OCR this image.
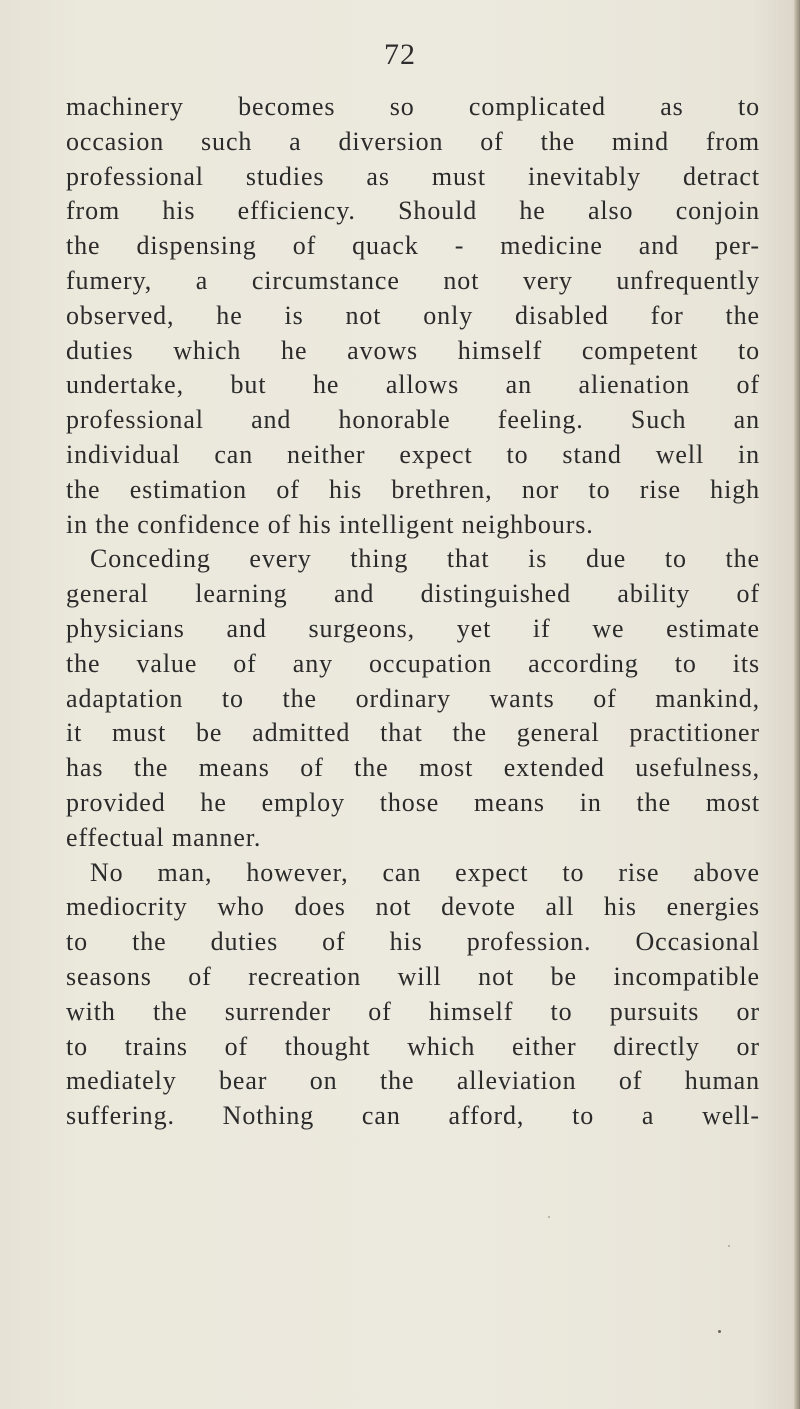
72
machinery becomes so complicated as to
occasion such a diversion of the mind from
professional studies as must inevitably detract
from his efficiency. Should he also conjoin
the dispensing of quack - medicine and per-
fumery, a circumstance not very unfrequently
observed, he is not only disabled for the
duties which he avows himself competent to
undertake, but he allows an alienation of
professional and honorable feeling. Such an
individual can neither expect to stand well in
the estimation of his brethren, nor to rise high
in the confidence of his intelligent neighbours.
Conceding every thing that is due to the
general learning and distinguished ability of
physicians and surgeons, yet if we estimate
the value of any occupation according to its
adaptation to the ordinary wants of mankind,
it must be admitted that the general practitioner
has the means of the most extended usefulness,
provided he employ those means in the most
effectual manner.
No man, however, can expect to rise above
mediocrity who does not devote all his energies
to the duties of his profession. Occasional
seasons of recreation will not be incompatible
with the surrender of himself to pursuits or
to trains of thought which either directly or
mediately bear on the alleviation of human
suffering. Nothing can afford, to a well-
